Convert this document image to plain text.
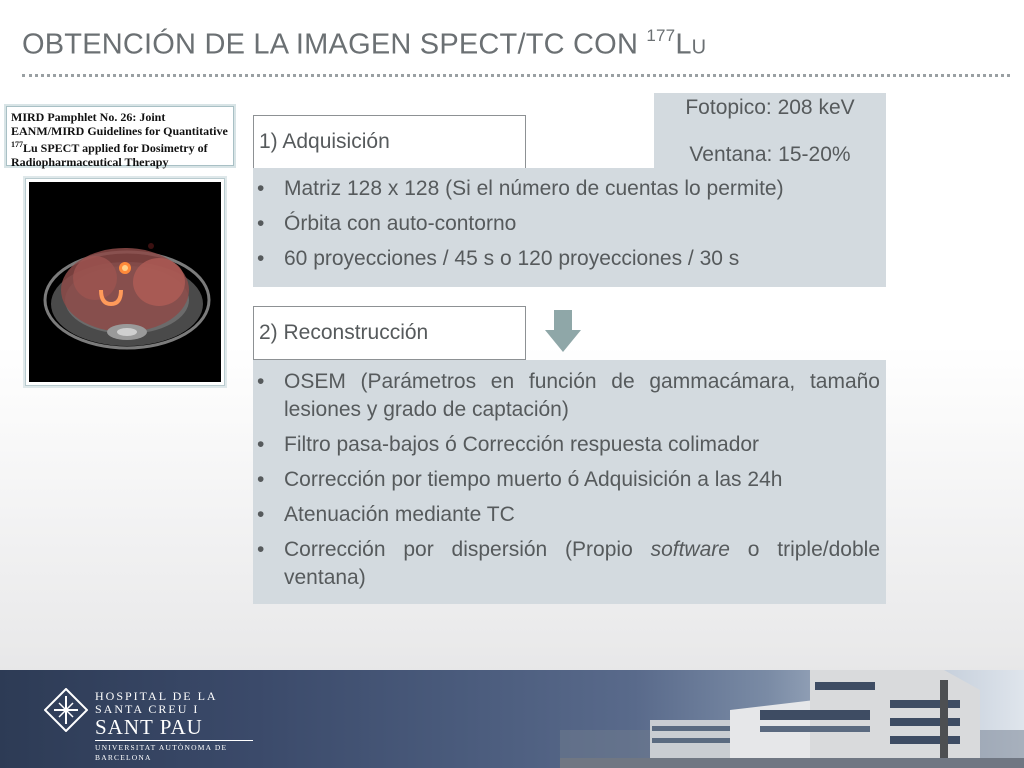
OBTENCIÓN DE LA IMAGEN SPECT/TC CON $^{177}$LU
MIRD Pamphlet No. 26: Joint
EANM/MIRD Guidelines for Quantitative
$^{177}$Lu SPECT applied for Dosimetry of
Radiopharmaceutical Therapy
Fotopico: 208 keV
Ventana: 15-20%
1) Adquisición
• Matriz 128 x 128 (Si el número de cuentas lo permite)
• Órbita con auto-contorno
• 60 proyecciones / 45 s o 120 proyecciones / 30 s
2) Reconstrucción
• OSEM (Parámetros en función de gammacámara, tamaño lesiones y grado de captación)
• Filtro pasa-bajos ó Corrección respuesta colimador
• Corrección por tiempo muerto ó Adquisición a las 24h
• Atenuación mediante TC
• Corrección por dispersión (Propio software o triple/doble ventana)
HOSPITAL DE LA
SANTA CREU I
SANT PAU
UNIVERSITAT AUTÒNOMA DE BARCELONA
